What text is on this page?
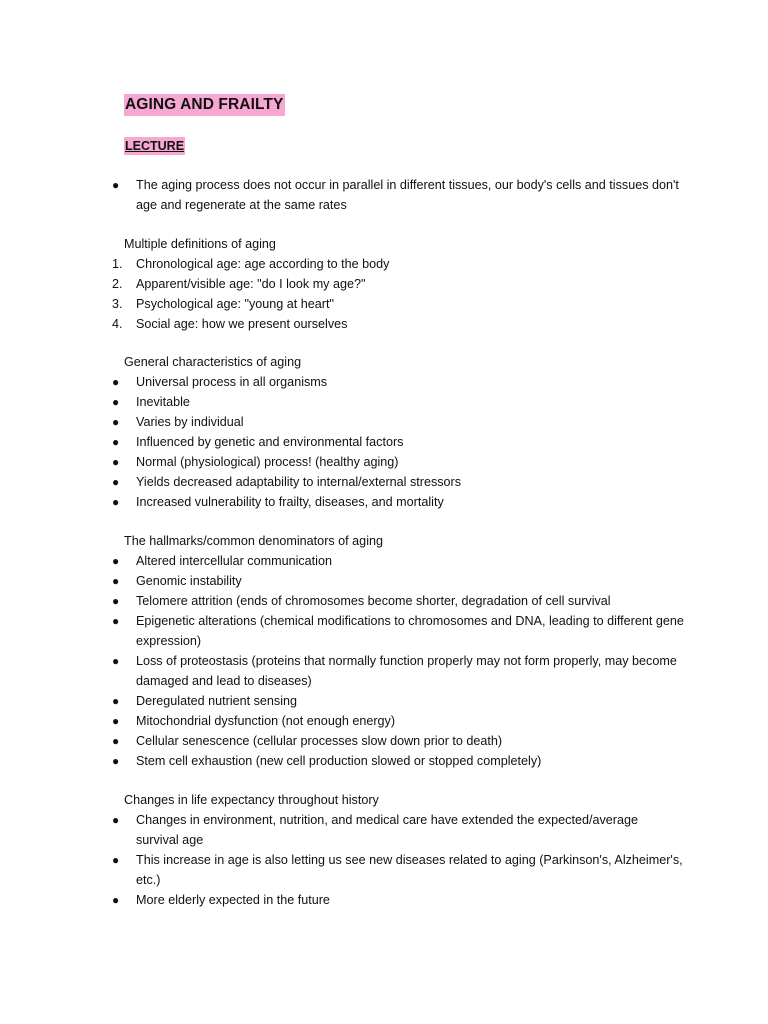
AGING AND FRAILTY
LECTURE
●	The aging process does not occur in parallel in different tissues, our body's cells and tissues don't age and regenerate at the same rates
Multiple definitions of aging
1.	Chronological age: age according to the body
2.	Apparent/visible age: "do I look my age?"
3.	Psychological age: "young at heart"
4.	Social age: how we present ourselves
General characteristics of aging
●	Universal process in all organisms
●	Inevitable
●	Varies by individual
●	Influenced by genetic and environmental factors
●	Normal (physiological) process! (healthy aging)
●	Yields decreased adaptability to internal/external stressors
●	Increased vulnerability to frailty, diseases, and mortality
The hallmarks/common denominators of aging
●	Altered intercellular communication
●	Genomic instability
●	Telomere attrition (ends of chromosomes become shorter, degradation of cell survival
●	Epigenetic alterations (chemical modifications to chromosomes and DNA, leading to different gene expression)
●	Loss of proteostasis (proteins that normally function properly may not form properly, may become damaged and lead to diseases)
●	Deregulated nutrient sensing
●	Mitochondrial dysfunction (not enough energy)
●	Cellular senescence (cellular processes slow down prior to death)
●	Stem cell exhaustion (new cell production slowed or stopped completely)
Changes in life expectancy throughout history
●	Changes in environment, nutrition, and medical care have extended the expected/average survival age
●	This increase in age is also letting us see new diseases related to aging (Parkinson's, Alzheimer's, etc.)
●	More elderly expected in the future
